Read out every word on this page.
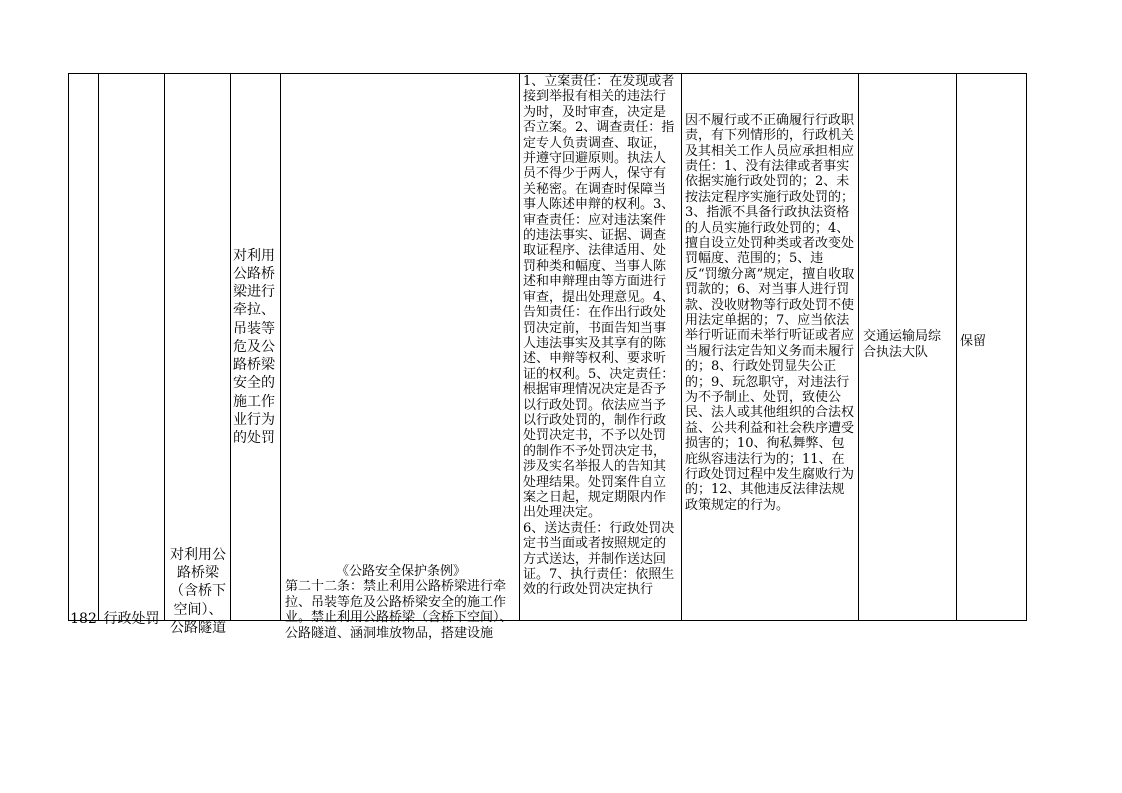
182 行政处罚
对利用公路桥梁（含桥下空间）、公路隧道
对利用公路桥梁进行牵拉、吊装等危及公路桥梁安全的施工作业行为的处罚
《公路安全保护条例》
第二十二条：禁止利用公路桥梁进行牵拉、吊装等危及公路桥梁安全的施工作业。禁止利用公路桥梁（含桥下空间）、公路隧道、涵洞堆放物品，搭建设施
1、立案责任：在发现或者接到举报有相关的违法行为时，及时审查，决定是否立案。2、调查责任：指定专人负责调查、取证，并遵守回避原则。执法人员不得少于两人，保守有关秘密。在调查时保障当事人陈述申辩的权利。3、审查责任：应对违法案件的违法事实、证据、调查取证程序、法律适用、处罚种类和幅度、当事人陈述和申辩理由等方面进行审查，提出处理意见。4、告知责任：在作出行政处罚决定前，书面告知当事人违法事实及其享有的陈述、申辩等权利、要求听证的权利。5、决定责任：根据审理情况决定是否予以行政处罚。依法应当予以行政处罚的，制作行政处罚决定书，不予以处罚的制作不予处罚决定书，涉及实名举报人的告知其处理结果。处罚案件自立案之日起，规定期限内作出处理决定。
6、送达责任：行政处罚决定书当面或者按照规定的方式送达，并制作送达回证。7、执行责任：依照生效的行政处罚决定执行
因不履行或不正确履行行政职责，有下列情形的，行政机关及其相关工作人员应承担相应责任：1、没有法律或者事实依据实施行政处罚的；2、未按法定程序实施行政处罚的；3、指派不具备行政执法资格的人员实施行政处罚的；4、擅自设立处罚种类或者改变处罚幅度、范围的；5、违反“罚缴分离”规定，擅自收取罚款的；6、对当事人进行罚款、没收财物等行政处罚不使用法定单据的；7、应当依法举行听证而未举行听证或者应当履行法定告知义务而未履行的；8、行政处罚显失公正的；9、玩忽职守，对违法行为不予制止、处罚，致使公民、法人或其他组织的合法权益、公共利益和社会秩序遭受损害的；10、徇私舞弊、包庇纵容违法行为的；11、在行政处罚过程中发生腐败行为的；12、其他违反法律法规政策规定的行为。
交通运输局综合执法大队
保留
